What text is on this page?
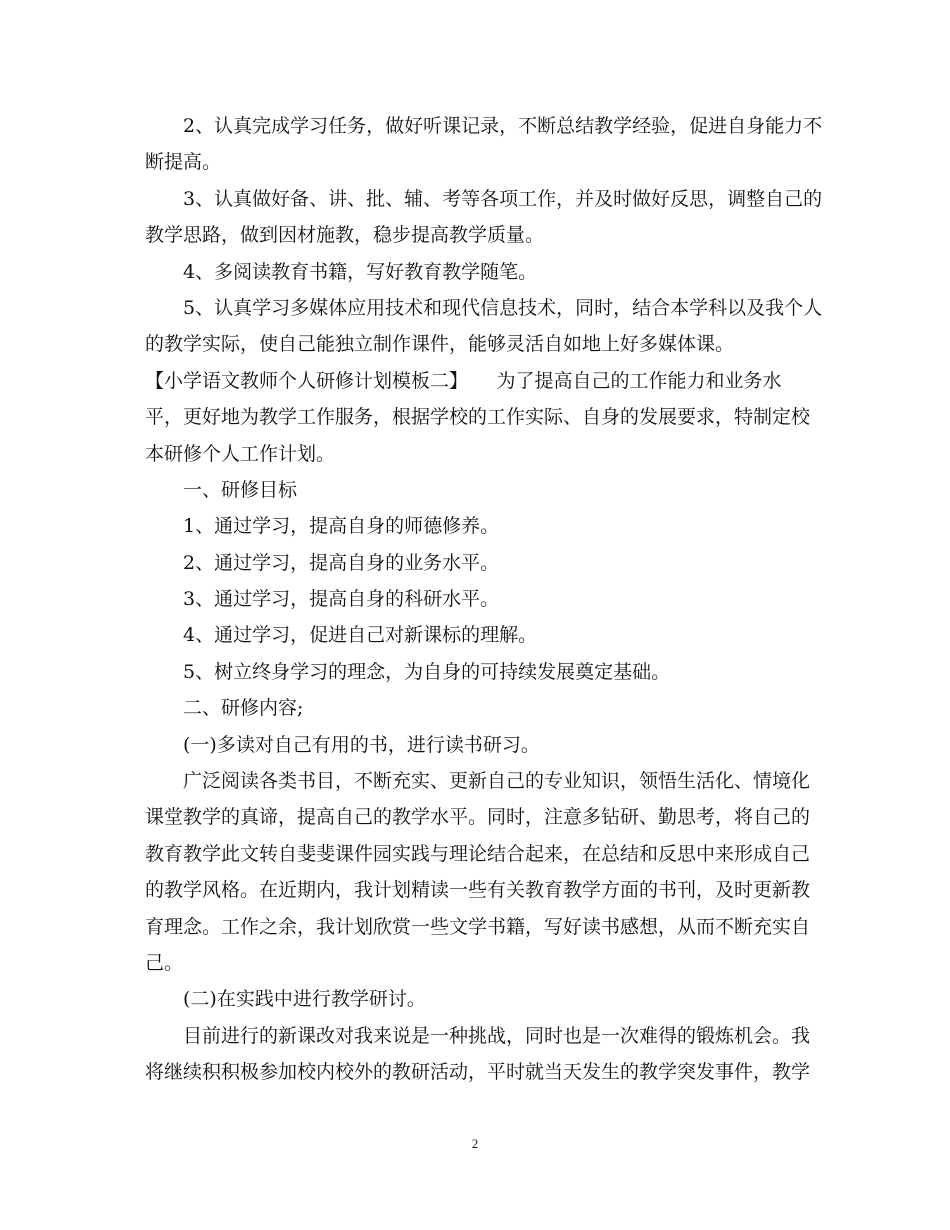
　　2、认真完成学习任务，做好听课记录，不断总结教学经验，促进自身能力不
断提高。
　　3、认真做好备、讲、批、辅、考等各项工作，并及时做好反思，调整自己的
教学思路，做到因材施教，稳步提高教学质量。
　　4、多阅读教育书籍，写好教育教学随笔。
　　5、认真学习多媒体应用技术和现代信息技术，同时，结合本学科以及我个人
的教学实际，使自己能独立制作课件，能够灵活自如地上好多媒体课。
【小学语文教师个人研修计划模板二】　　为了提高自己的工作能力和业务水
平，更好地为教学工作服务，根据学校的工作实际、自身的发展要求，特制定校
本研修个人工作计划。
　　一、研修目标
　　1、通过学习，提高自身的师德修养。
　　2、通过学习，提高自身的业务水平。
　　3、通过学习，提高自身的科研水平。
　　4、通过学习，促进自己对新课标的理解。
　　5、树立终身学习的理念，为自身的可持续发展奠定基础。
　　二、研修内容;
　　(一)多读对自己有用的书，进行读书研习。
　　广泛阅读各类书目，不断充实、更新自己的专业知识，领悟生活化、情境化
课堂教学的真谛，提高自己的教学水平。同时，注意多钻研、勤思考，将自己的
教育教学此文转自斐斐课件园实践与理论结合起来，在总结和反思中来形成自己
的教学风格。在近期内，我计划精读一些有关教育教学方面的书刊，及时更新教
育理念。工作之余，我计划欣赏一些文学书籍，写好读书感想，从而不断充实自
己。
　　(二)在实践中进行教学研讨。
　　目前进行的新课改对我来说是一种挑战，同时也是一次难得的锻炼机会。我
将继续积积极参加校内校外的教研活动，平时就当天发生的教学突发事件，教学
2
